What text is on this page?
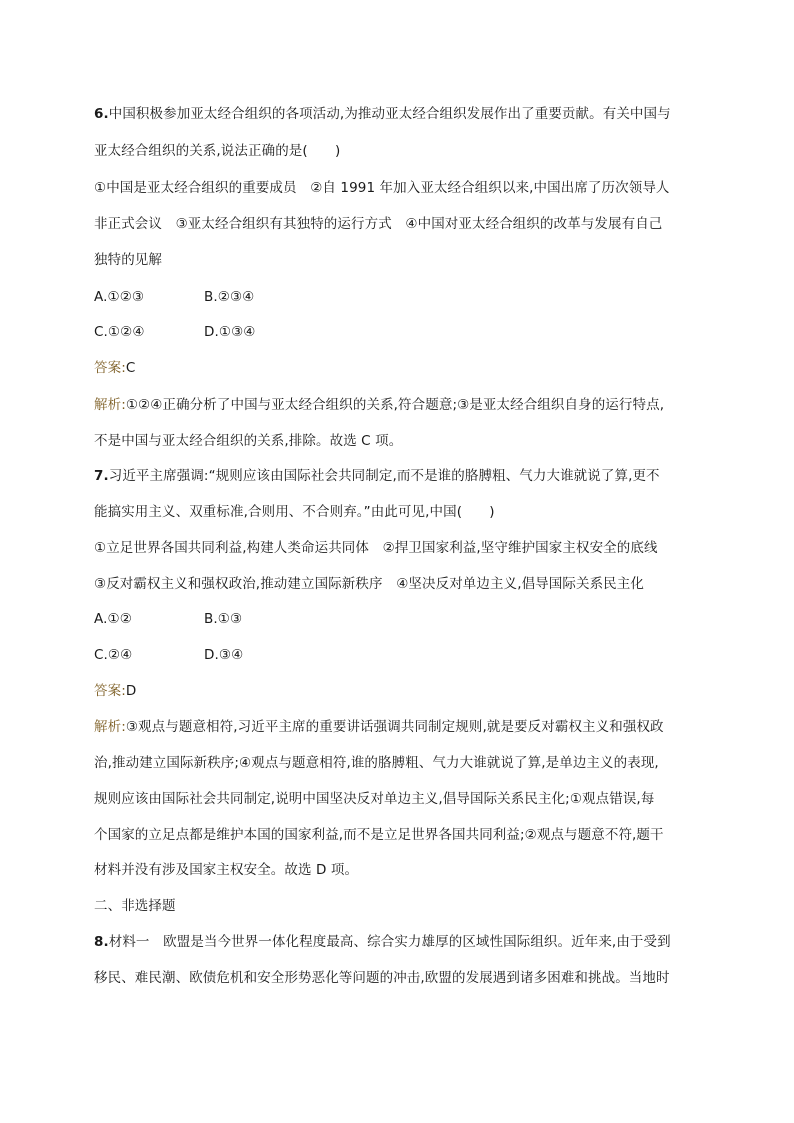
6.中国积极参加亚太经合组织的各项活动,为推动亚太经合组织发展作出了重要贡献。有关中国与
亚太经合组织的关系,说法正确的是(　　)
①中国是亚太经合组织的重要成员　②自 1991 年加入亚太经合组织以来,中国出席了历次领导人
非正式会议　③亚太经合组织有其独特的运行方式　④中国对亚太经合组织的改革与发展有自己
独特的见解
A.①②③	B.②③④
C.①②④	D.①③④
答案:C
解析:①②④正确分析了中国与亚太经合组织的关系,符合题意;③是亚太经合组织自身的运行特点,
不是中国与亚太经合组织的关系,排除。故选 C 项。
7.习近平主席强调:“规则应该由国际社会共同制定,而不是谁的胳膊粗、气力大谁就说了算,更不
能搞实用主义、双重标准,合则用、不合则弃。”由此可见,中国(　　)
①立足世界各国共同利益,构建人类命运共同体　②捍卫国家利益,坚守维护国家主权安全的底线
③反对霸权主义和强权政治,推动建立国际新秩序　④坚决反对单边主义,倡导国际关系民主化
A.①②	B.①③
C.②④	D.③④
答案:D
解析:③观点与题意相符,习近平主席的重要讲话强调共同制定规则,就是要反对霸权主义和强权政
治,推动建立国际新秩序;④观点与题意相符,谁的胳膊粗、气力大谁就说了算,是单边主义的表现,
规则应该由国际社会共同制定,说明中国坚决反对单边主义,倡导国际关系民主化;①观点错误,每
个国家的立足点都是维护本国的国家利益,而不是立足世界各国共同利益;②观点与题意不符,题干
材料并没有涉及国家主权安全。故选 D 项。
二、非选择题
8.材料一　欧盟是当今世界一体化程度最高、综合实力雄厚的区域性国际组织。近年来,由于受到
移民、难民潮、欧债危机和安全形势恶化等问题的冲击,欧盟的发展遇到诸多困难和挑战。当地时
